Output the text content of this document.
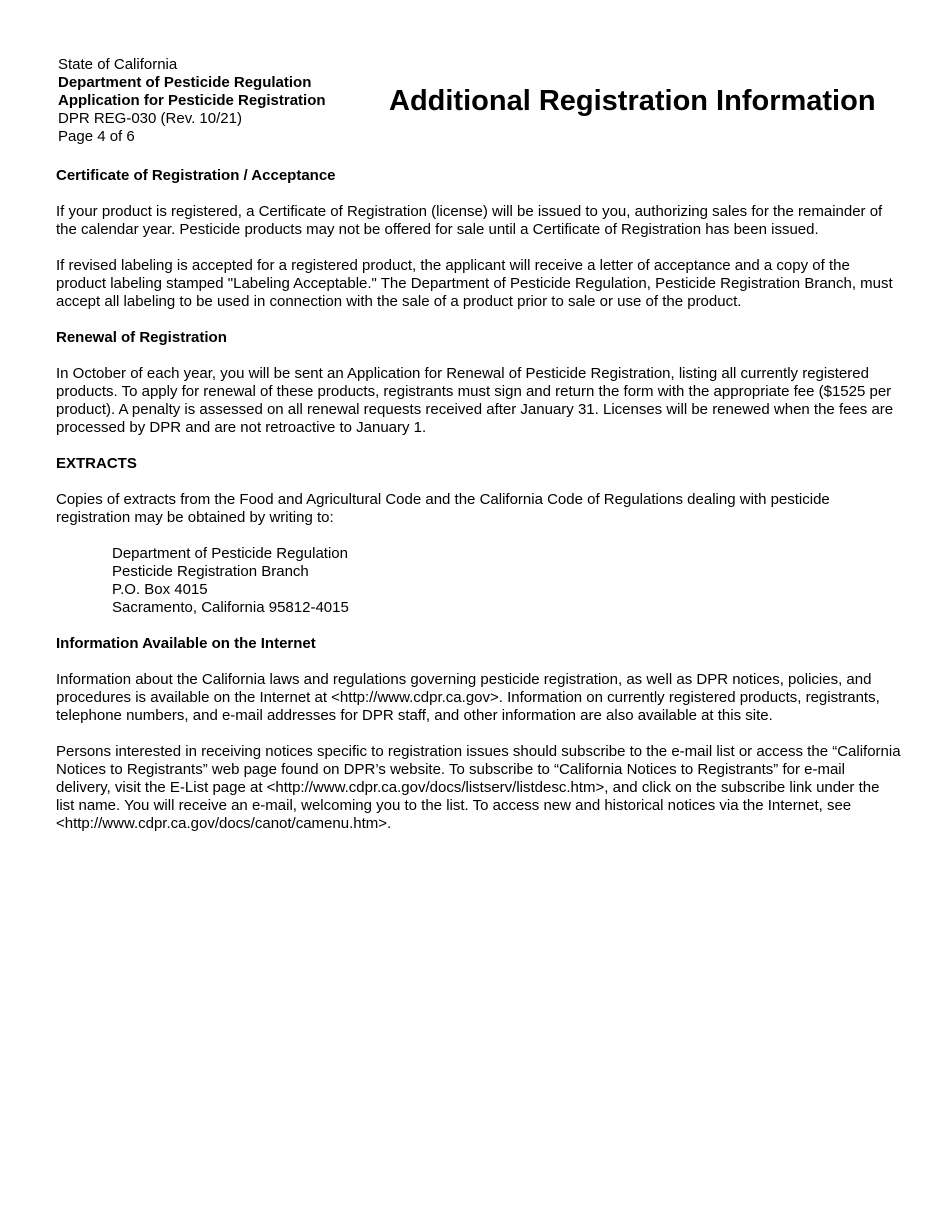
State of California
Department of Pesticide Regulation
Application for Pesticide Registration
DPR REG-030 (Rev. 10/21)
Page 4 of 6
Additional Registration Information
Certificate of Registration / Acceptance
If your product is registered, a Certificate of Registration (license) will be issued to you, authorizing sales for the remainder of the calendar year. Pesticide products may not be offered for sale until a Certificate of Registration has been issued.
If revised labeling is accepted for a registered product, the applicant will receive a letter of acceptance and a copy of the product labeling stamped "Labeling Acceptable." The Department of Pesticide Regulation, Pesticide Registration Branch, must accept all labeling to be used in connection with the sale of a product prior to sale or use of the product.
Renewal of Registration
In October of each year, you will be sent an Application for Renewal of Pesticide Registration, listing all currently registered products. To apply for renewal of these products, registrants must sign and return the form with the appropriate fee ($1525 per product). A penalty is assessed on all renewal requests received after January 31. Licenses will be renewed when the fees are processed by DPR and are not retroactive to January 1.
EXTRACTS
Copies of extracts from the Food and Agricultural Code and the California Code of Regulations dealing with pesticide registration may be obtained by writing to:
Department of Pesticide Regulation
Pesticide Registration Branch
P.O. Box 4015
Sacramento, California 95812-4015
Information Available on the Internet
Information about the California laws and regulations governing pesticide registration, as well as DPR notices, policies, and procedures is available on the Internet at <http://www.cdpr.ca.gov>. Information on currently registered products, registrants, telephone numbers, and e-mail addresses for DPR staff, and other information are also available at this site.
Persons interested in receiving notices specific to registration issues should subscribe to the e-mail list or access the “California Notices to Registrants” web page found on DPR’s website. To subscribe to “California Notices to Registrants” for e-mail delivery, visit the E-List page at <http://www.cdpr.ca.gov/docs/listserv/listdesc.htm>, and click on the subscribe link under the list name. You will receive an e-mail, welcoming you to the list. To access new and historical notices via the Internet, see <http://www.cdpr.ca.gov/docs/canot/camenu.htm>.
